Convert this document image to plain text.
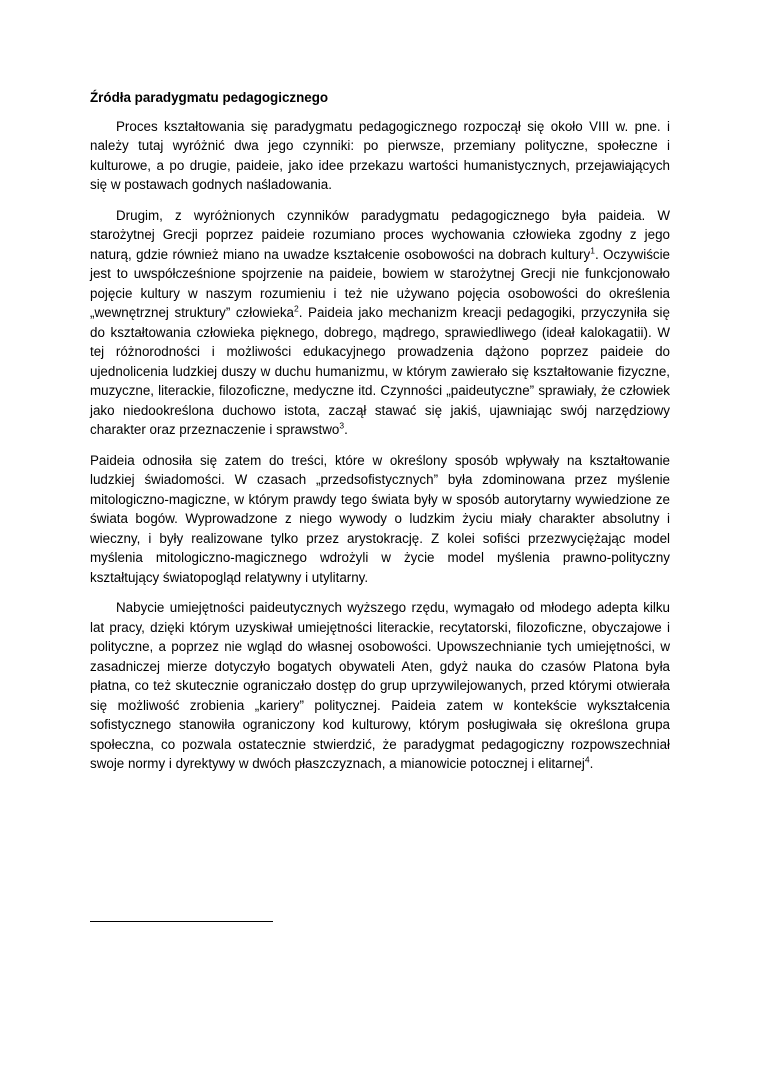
Źródła paradygmatu pedagogicznego

Proces kształtowania się paradygmatu pedagogicznego rozpoczął się około VIII w. pne. i należy tutaj wyróżnić dwa jego czynniki: po pierwsze, przemiany polityczne, społeczne i kulturowe, a po drugie, paideie, jako idee przekazu wartości humanistycznych, przejawiających się w postawach godnych naśladowania.

Drugim, z wyróżnionych czynników paradygmatu pedagogicznego była paideia. W starożytnej Grecji poprzez paideie rozumiano proces wychowania człowieka zgodny z jego naturą, gdzie również miano na uwadze kształcenie osobowości na dobrach kultury$^1$. Oczywiście jest to uwspółcześnione spojrzenie na paideie, bowiem w starożytnej Grecji nie funkcjonowało pojęcie kultury w naszym rozumieniu i też nie używano pojęcia osobowości do określenia „wewnętrznej struktury” człowieka$^2$. Paideia jako mechanizm kreacji pedagogiki, przyczyniła się do kształtowania człowieka pięknego, dobrego, mądrego, sprawiedliwego (ideał kalokagatii). W tej różnorodności i możliwości edukacyjnego prowadzenia dążono poprzez paideie do ujednolicenia ludzkiej duszy w duchu humanizmu, w którym zawierało się kształtowanie fizyczne, muzyczne, literackie, filozoficzne, medyczne itd. Czynności „paideutyczne” sprawiały, że człowiek jako niedookreślona duchowo istota, zaczął stawać się jakiś, ujawniając swój narzędziowy charakter oraz przeznaczenie i sprawstwo$^3$.

Paideia odnosiła się zatem do treści, które w określony sposób wpływały na kształtowanie ludzkiej świadomości. W czasach „przedsofistycznych” była zdominowana przez myślenie mitologiczno-magiczne, w którym prawdy tego świata były w sposób autorytarny wywiedzione ze świata bogów. Wyprowadzone z niego wywody o ludzkim życiu miały charakter absolutny i wieczny, i były realizowane tylko przez arystokrację. Z kolei sofiści przezwyciężając model myślenia mitologiczno-magicznego wdrożyli w życie model myślenia prawno-polityczny kształtujący światopogląd relatywny i utylitarny.

Nabycie umiejętności paideutycznych wyższego rzędu, wymagało od młodego adepta kilku lat pracy, dzięki którym uzyskiwał umiejętności literackie, recytatorski, filozoficzne, obyczajowe i polityczne, a poprzez nie wgląd do własnej osobowości. Upowszechnianie tych umiejętności, w zasadniczej mierze dotyczyło bogatych obywateli Aten, gdyż nauka do czasów Platona była płatna, co też skutecznie ograniczało dostęp do grup uprzywilejowanych, przed którymi otwierała się możliwość zrobienia „kariery” politycznej. Paideia zatem w kontekście wykształcenia sofistycznego stanowiła ograniczony kod kulturowy, którym posługiwała się określona grupa społeczna, co pozwala ostatecznie stwierdzić, że paradygmat pedagogiczny rozpowszechniał swoje normy i dyrektywy w dwóch płaszczyznach, a mianowicie potocznej i elitarnej$^4$.
